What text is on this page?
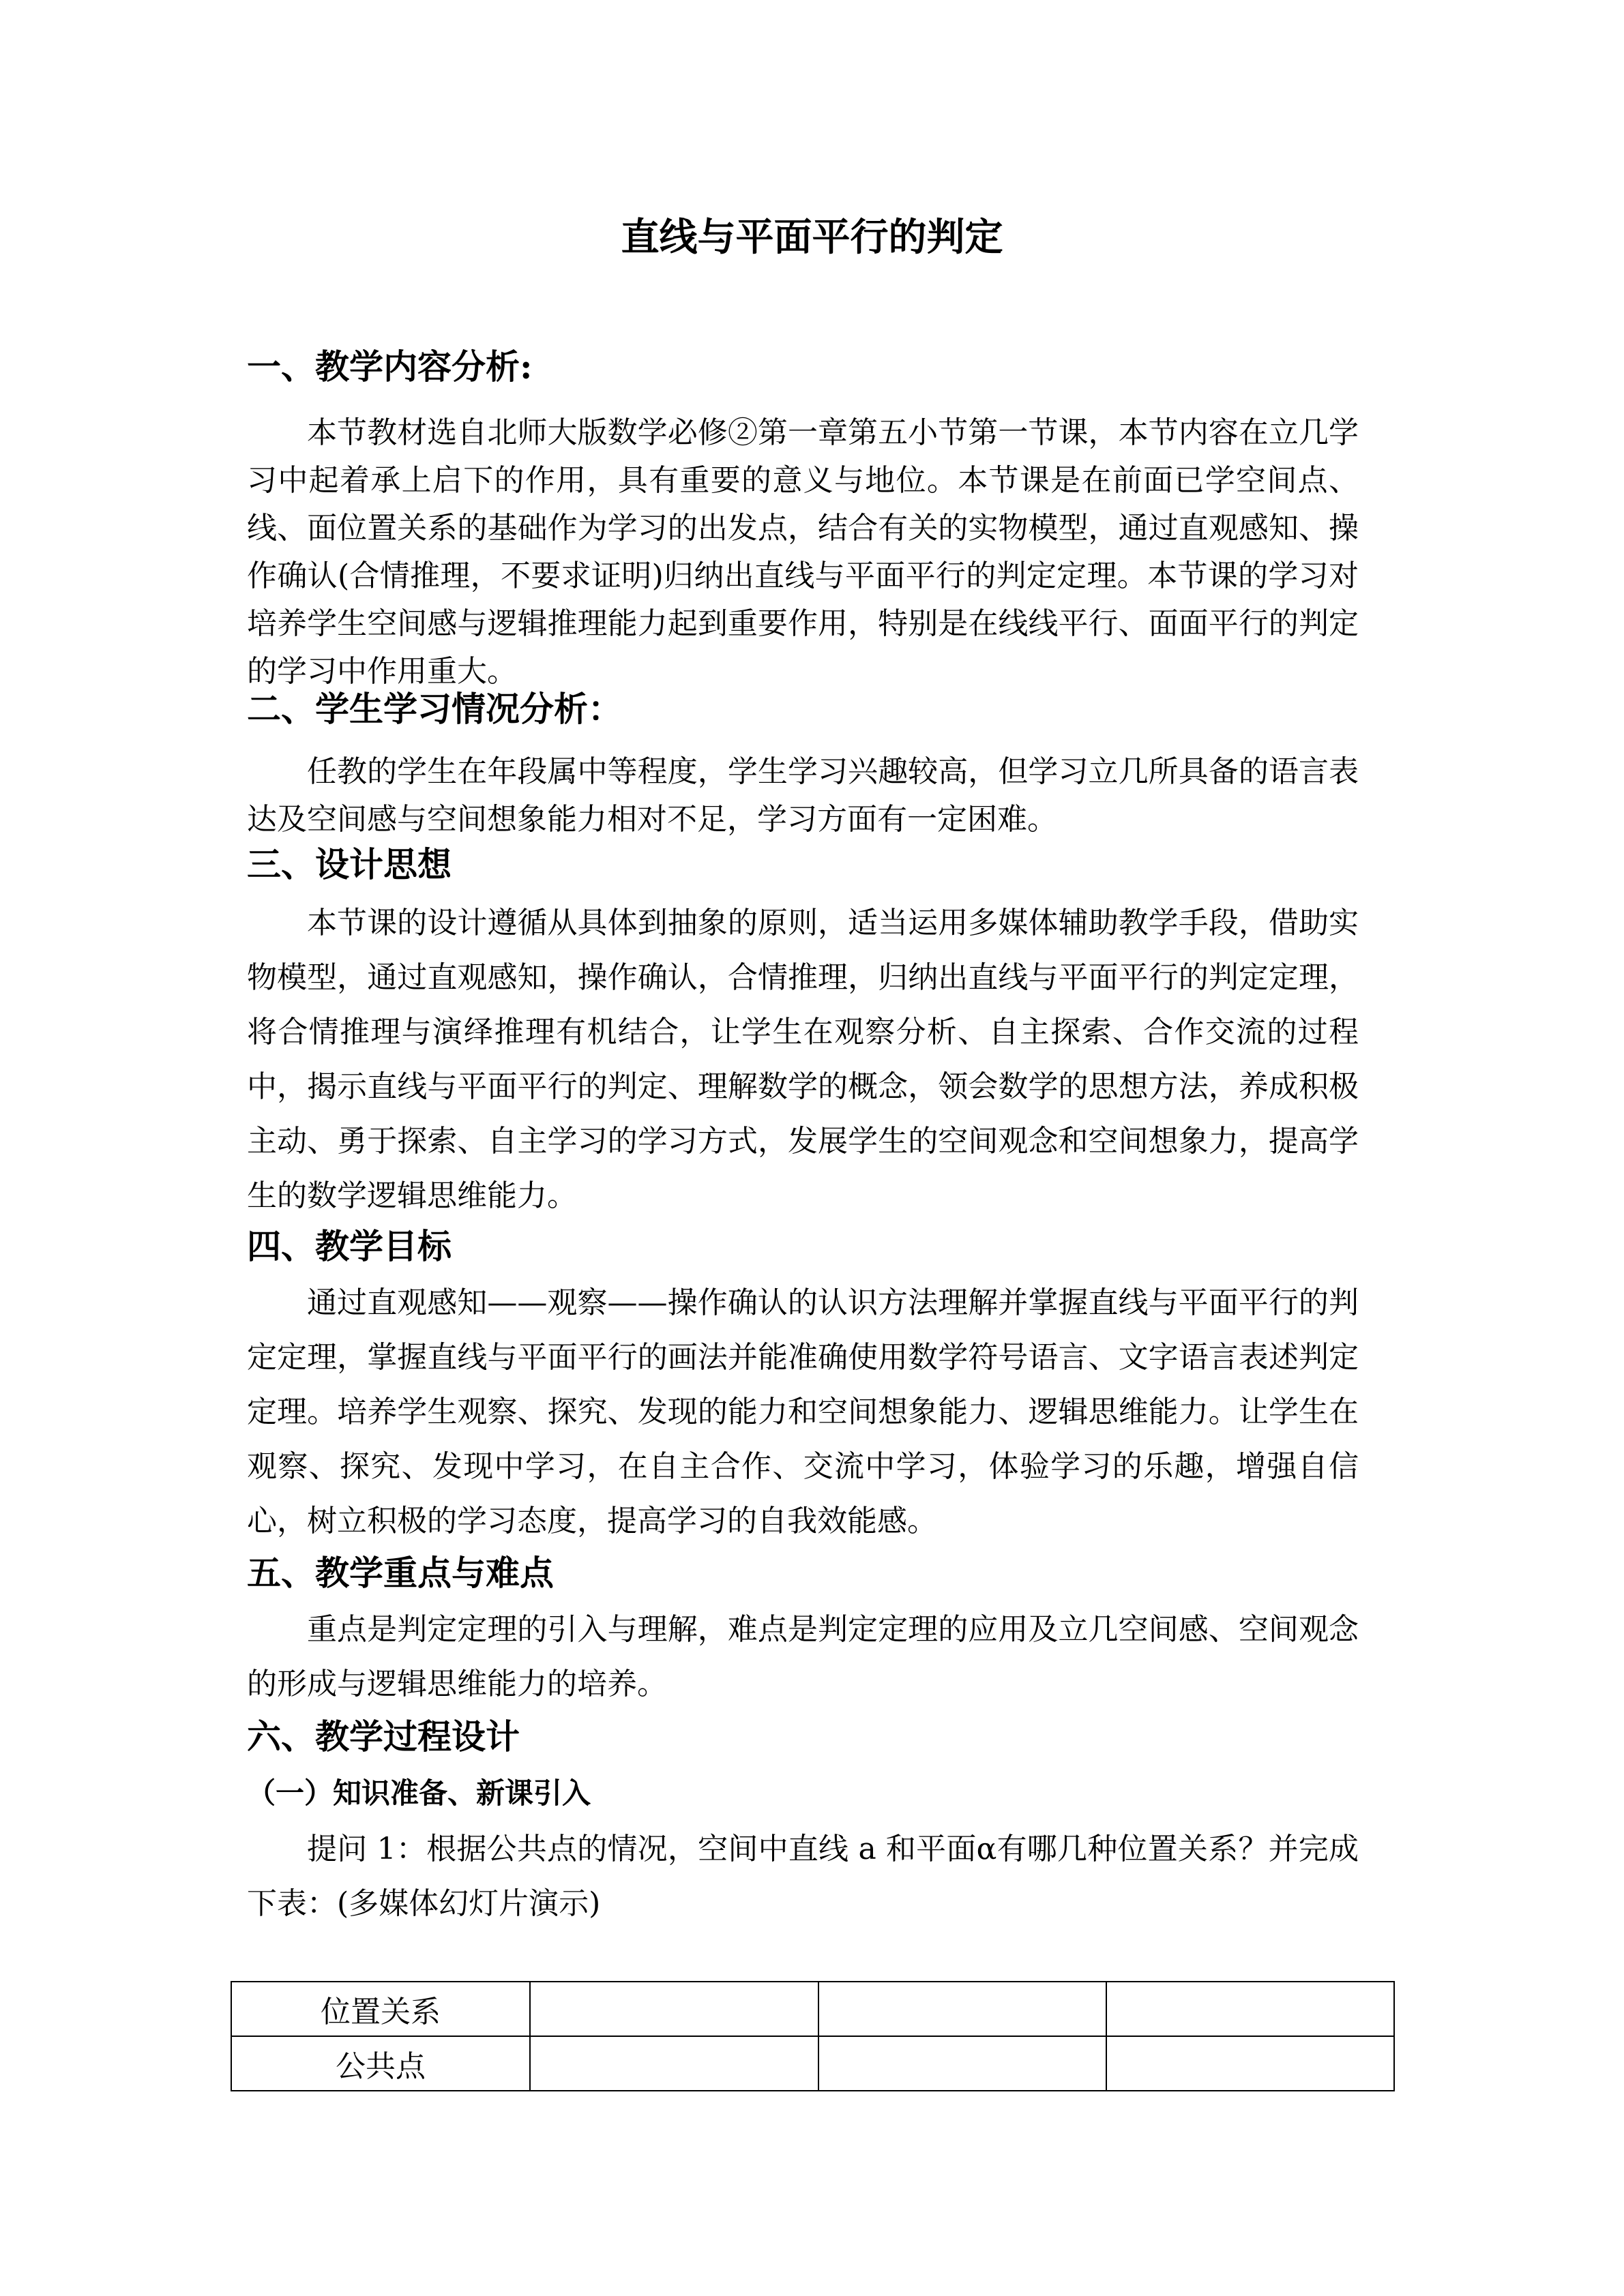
直线与平面平行的判定
一、教学内容分析:

本节教材选自北师大版数学必修②第一章第五小节第一节课，本节内容在立几学习中起着承上启下的作用，具有重要的意义与地位。本节课是在前面已学空间点、线、面位置关系的基础作为学习的出发点，结合有关的实物模型，通过直观感知、操作确认(合情推理，不要求证明)归纳出直线与平面平行的判定定理。本节课的学习对培养学生空间感与逻辑推理能力起到重要作用，特别是在线线平行、面面平行的判定的学习中作用重大。

二、学生学习情况分析：

任教的学生在年段属中等程度，学生学习兴趣较高，但学习立几所具备的语言表达及空间感与空间想象能力相对不足，学习方面有一定困难。

三、设计思想

本节课的设计遵循从具体到抽象的原则，适当运用多媒体辅助教学手段，借助实物模型，通过直观感知，操作确认，合情推理，归纳出直线与平面平行的判定定理，将合情推理与演绎推理有机结合，让学生在观察分析、自主探索、合作交流的过程中，揭示直线与平面平行的判定、理解数学的概念，领会数学的思想方法，养成积极主动、勇于探索、自主学习的学习方式，发展学生的空间观念和空间想象力，提高学生的数学逻辑思维能力。

四、教学目标

通过直观感知——观察——操作确认的认识方法理解并掌握直线与平面平行的判定定理，掌握直线与平面平行的画法并能准确使用数学符号语言、文字语言表述判定定理。培养学生观察、探究、发现的能力和空间想象能力、逻辑思维能力。让学生在观察、探究、发现中学习，在自主合作、交流中学习，体验学习的乐趣，增强自信心，树立积极的学习态度，提高学习的自我效能感。

五、教学重点与难点

重点是判定定理的引入与理解，难点是判定定理的应用及立几空间感、空间观念的形成与逻辑思维能力的培养。

六、教学过程设计
（一）知识准备、新课引入

提问 1：根据公共点的情况，空间中直线 a 和平面α有哪几种位置关系？并完成下表：(多媒体幻灯片演示)

位置关系			
公共点			
